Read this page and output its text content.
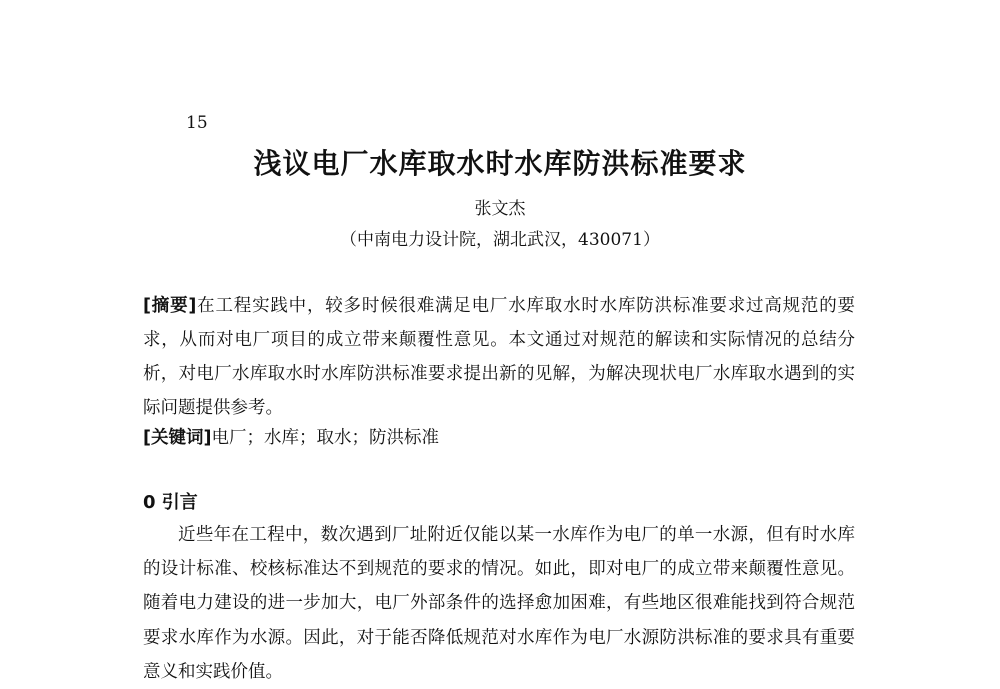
15
浅议电厂水库取水时水库防洪标准要求
张文杰
（中南电力设计院，湖北武汉，430071）
[摘要]在工程实践中，较多时候很难满足电厂水库取水时水库防洪标准要求过高规范的要求，从而对电厂项目的成立带来颠覆性意见。本文通过对规范的解读和实际情况的总结分析，对电厂水库取水时水库防洪标准要求提出新的见解，为解决现状电厂水库取水遇到的实际问题提供参考。
[关键词]电厂；水库；取水；防洪标准
0 引言
近些年在工程中，数次遇到厂址附近仅能以某一水库作为电厂的单一水源，但有时水库的设计标准、校核标准达不到规范的要求的情况。如此，即对电厂的成立带来颠覆性意见。随着电力建设的进一步加大，电厂外部条件的选择愈加困难，有些地区很难能找到符合规范要求水库作为水源。因此，对于能否降低规范对水库作为电厂水源防洪标准的要求具有重要意义和实践价值。
